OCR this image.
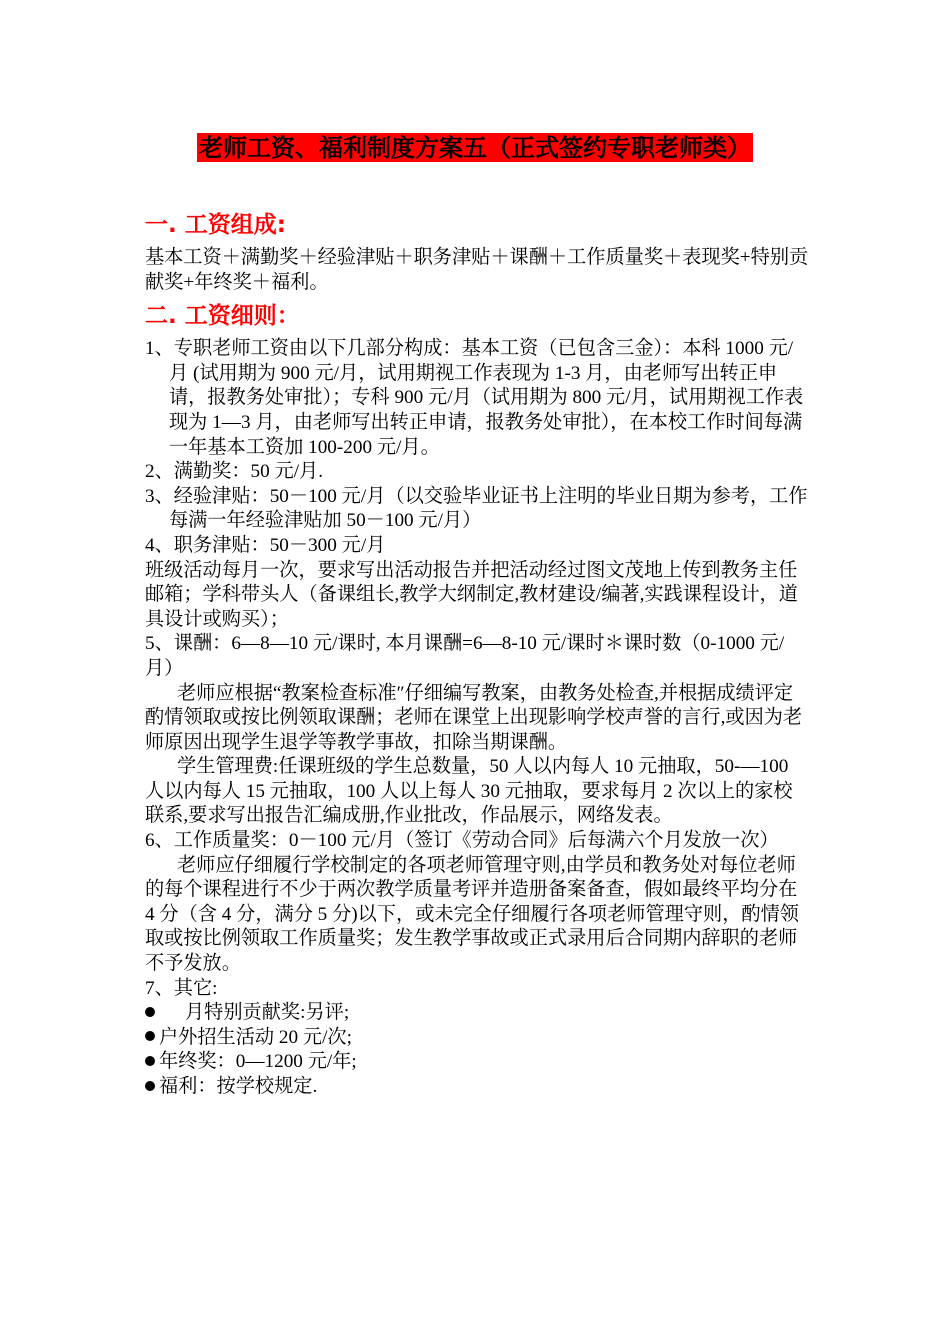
老师工资、福利制度方案五（正式签约专职老师类）
一. 工资组成:

基本工资＋满勤奖＋经验津贴＋职务津贴＋课酬＋工作质量奖＋表现奖+特别贡献奖+年终奖＋福利。

二. 工资细则：

1、专职老师工资由以下几部分构成：基本工资（已包含三金）：本科 1000 元/月 (试用期为 900 元/月，试用期视工作表现为 1-3 月，由老师写出转正申请，报教务处审批）；专科 900 元/月（试用期为 800 元/月，试用期视工作表现为 1—3 月，由老师写出转正申请，报教务处审批），在本校工作时间每满一年基本工资加 100-200 元/月。

2、满勤奖：50 元/月.

3、经验津贴：50－100 元/月（以交验毕业证书上注明的毕业日期为参考，工作每满一年经验津贴加 50－100 元/月）

4、职务津贴：50－300 元/月

班级活动每月一次，要求写出活动报告并把活动经过图文茂地上传到教务主任邮箱；学科带头人（备课组长,教学大纲制定,教材建设/编著,实践课程设计，道具设计或购买）；

5、课酬：6—8—10 元/课时, 本月课酬=6—8-10 元/课时＊课时数（0-1000 元/月）

老师应根据“教案检查标准″仔细编写教案，由教务处检查,并根据成绩评定酌情领取或按比例领取课酬；老师在课堂上出现影响学校声誉的言行,或因为老师原因出现学生退学等教学事故，扣除当期课酬。

学生管理费:任课班级的学生总数量，50 人以内每人 10 元抽取，50-—100 人以内每人 15 元抽取，100 人以上每人 30 元抽取，要求每月 2 次以上的家校联系,要求写出报告汇编成册,作业批改，作品展示，网络发表。

6、工作质量奖：0－100 元/月（签订《劳动合同》后每满六个月发放一次）

老师应仔细履行学校制定的各项老师管理守则,由学员和教务处对每位老师的每个课程进行不少于两次教学质量考评并造册备案备查，假如最终平均分在 4 分（含 4 分，满分 5 分)以下，或未完全仔细履行各项老师管理守则，酌情领取或按比例领取工作质量奖；发生教学事故或正式录用后合同期内辞职的老师不予发放。

7、其它:

月特别贡献奖:另评;

户外招生活动 20 元/次;

年终奖：0—1200 元/年;

福利：按学校规定.
